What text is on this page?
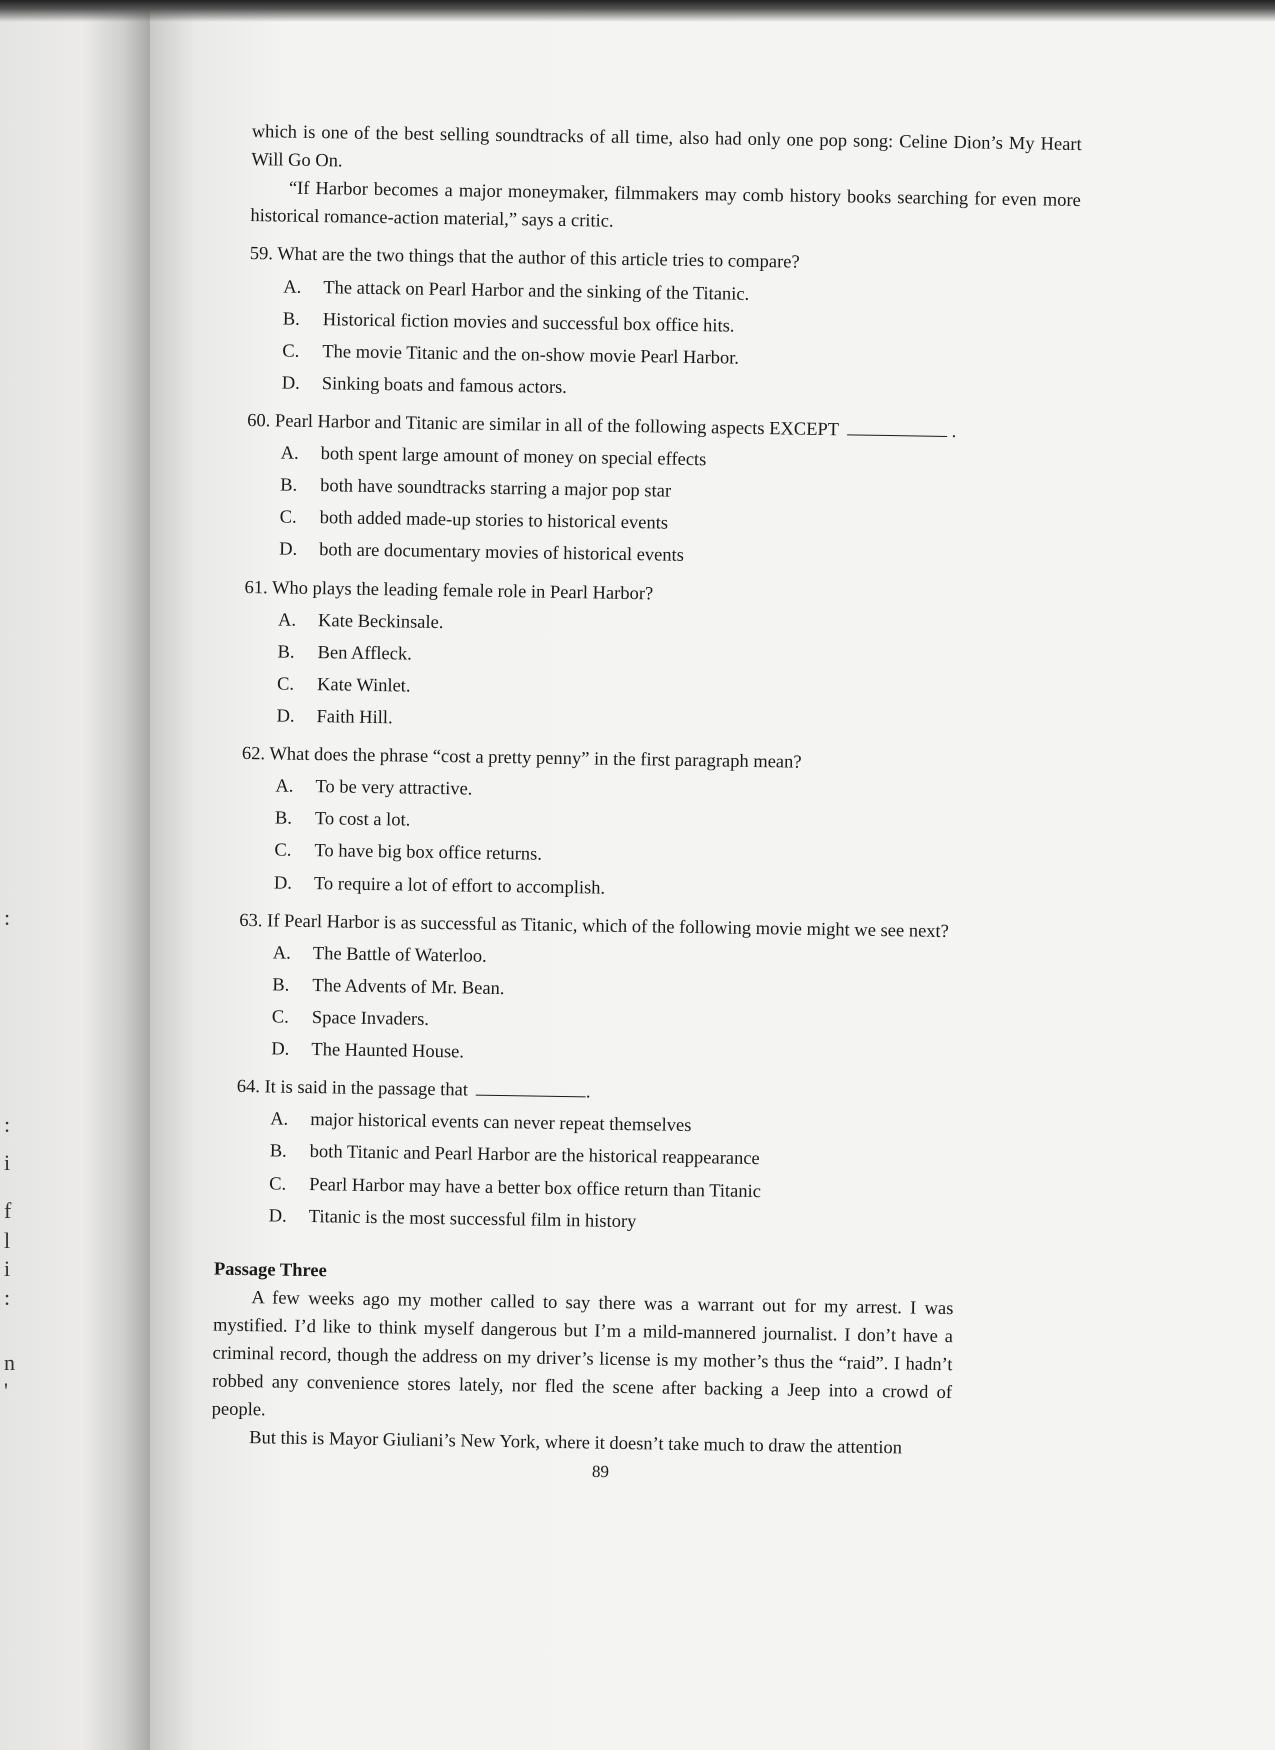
:
:
i
f
l
i
:
n
'

which is one of the best selling soundtracks of all time, also had only one pop song: Celine Dion’s My Heart Will Go On.

“If Harbor becomes a major moneymaker, filmmakers may comb history books searching for even more historical romance-action material,” says a critic.

59. What are the two things that the author of this article tries to compare?

A.	The attack on Pearl Harbor and the sinking of the Titanic.
B.	Historical fiction movies and successful box office hits.
C.	The movie Titanic and the on-show movie Pearl Harbor.
D.	Sinking boats and famous actors.

60. Pearl Harbor and Titanic are similar in all of the following aspects EXCEPT	.

A.	both spent large amount of money on special effects
B.	both have soundtracks starring a major pop star
C.	both added made-up stories to historical events
D.	both are documentary movies of historical events

61. Who plays the leading female role in Pearl Harbor?

A.	Kate Beckinsale.
B.	Ben Affleck.
C.	Kate Winlet.
D.	Faith Hill.

62. What does the phrase “cost a pretty penny” in the first paragraph mean?

A.	To be very attractive.
B.	To cost a lot.
C.	To have big box office returns.
D.	To require a lot of effort to accomplish.

63. If Pearl Harbor is as successful as Titanic, which of the following movie might we see next?

A.	The Battle of Waterloo.
B.	The Advents of Mr. Bean.
C.	Space Invaders.
D.	The Haunted House.

64. It is said in the passage that	.

A.	major historical events can never repeat themselves
B.	both Titanic and Pearl Harbor are the historical reappearance
C.	Pearl Harbor may have a better box office return than Titanic
D.	Titanic is the most successful film in history

Passage Three

A few weeks ago my mother called to say there was a warrant out for my arrest. I was mystified. I’d like to think myself dangerous but I’m a mild-mannered journalist. I don’t have a criminal record, though the address on my driver’s license is my mother’s thus the “raid”. I hadn’t robbed any convenience stores lately, nor fled the scene after backing a Jeep into a crowd of people.

But this is Mayor Giuliani’s New York, where it doesn’t take much to draw the attention

89
